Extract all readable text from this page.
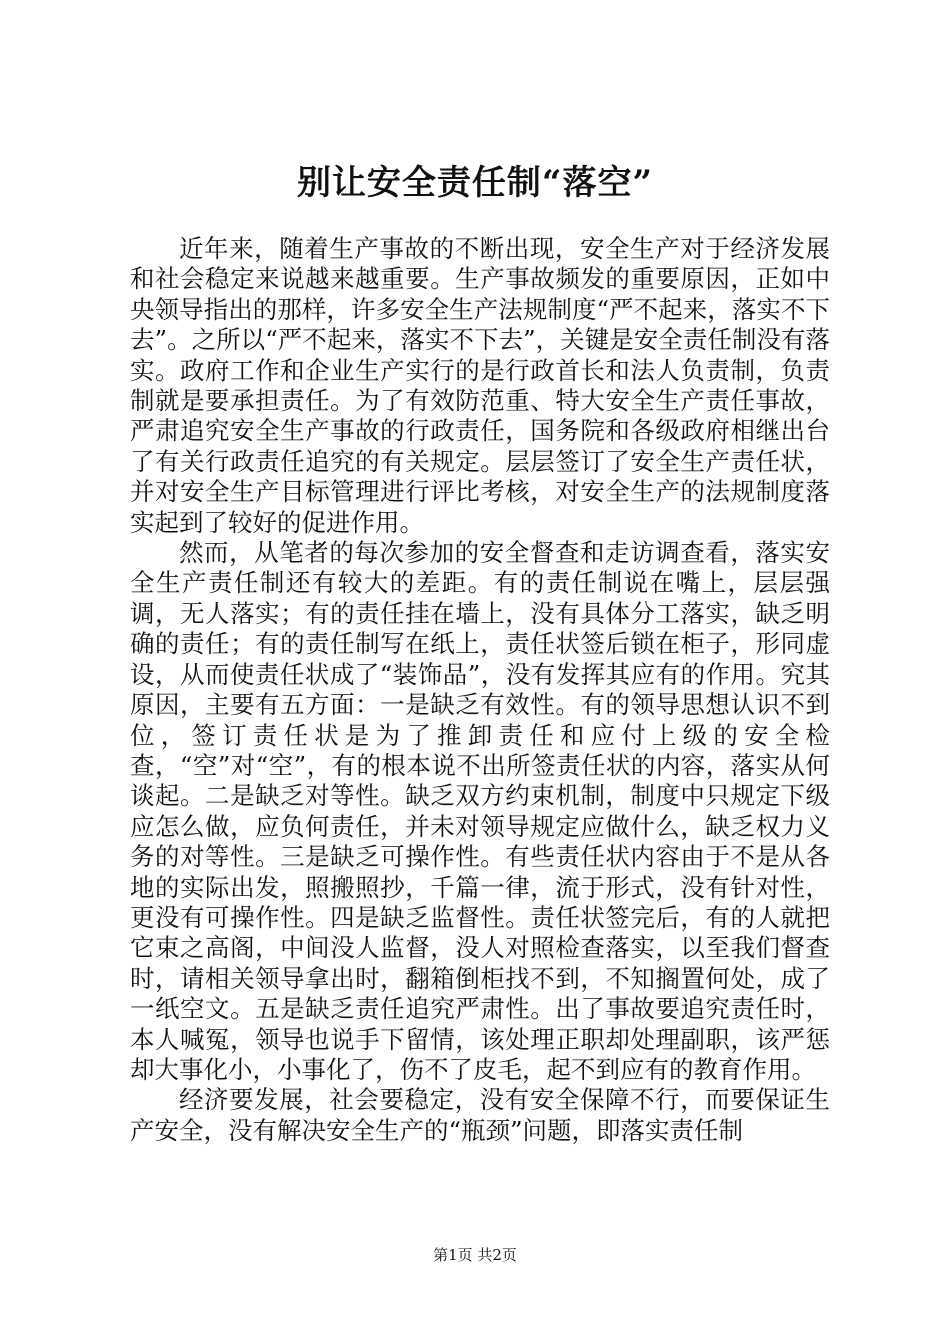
别让安全责任制“落空”

近年来，随着生产事故的不断出现，安全生产对于经济发展和社会稳定来说越来越重要。生产事故频发的重要原因，正如中央领导指出的那样，许多安全生产法规制度“严不起来，落实不下去”。之所以“严不起来，落实不下去”，关键是安全责任制没有落实。政府工作和企业生产实行的是行政首长和法人负责制，负责制就是要承担责任。为了有效防范重、特大安全生产责任事故，严肃追究安全生产事故的行政责任，国务院和各级政府相继出台了有关行政责任追究的有关规定。层层签订了安全生产责任状，并对安全生产目标管理进行评比考核，对安全生产的法规制度落实起到了较好的促进作用。

然而，从笔者的每次参加的安全督查和走访调查看，落实安全生产责任制还有较大的差距。有的责任制说在嘴上，层层强调，无人落实；有的责任挂在墙上，没有具体分工落实，缺乏明确的责任；有的责任制写在纸上，责任状签后锁在柜子，形同虚设，从而使责任状成了“装饰品”，没有发挥其应有的作用。究其原因，主要有五方面：一是缺乏有效性。有的领导思想认识不到位，签订责任状是为了推卸责任和应付上级的安全检查，“空”对“空”，有的根本说不出所签责任状的内容，落实从何谈起。二是缺乏对等性。缺乏双方约束机制，制度中只规定下级应怎么做，应负何责任，并未对领导规定应做什么，缺乏权力义务的对等性。三是缺乏可操作性。有些责任状内容由于不是从各地的实际出发，照搬照抄，千篇一律，流于形式，没有针对性，更没有可操作性。四是缺乏监督性。责任状签完后，有的人就把它束之高阁，中间没人监督，没人对照检查落实，以至我们督查时，请相关领导拿出时，翻箱倒柜找不到，不知搁置何处，成了一纸空文。五是缺乏责任追究严肃性。出了事故要追究责任时，本人喊冤，领导也说手下留情，该处理正职却处理副职，该严惩却大事化小，小事化了，伤不了皮毛，起不到应有的教育作用。

经济要发展，社会要稳定，没有安全保障不行，而要保证生产安全，没有解决安全生产的“瓶颈”问题，即落实责任制

第1页 共2页
